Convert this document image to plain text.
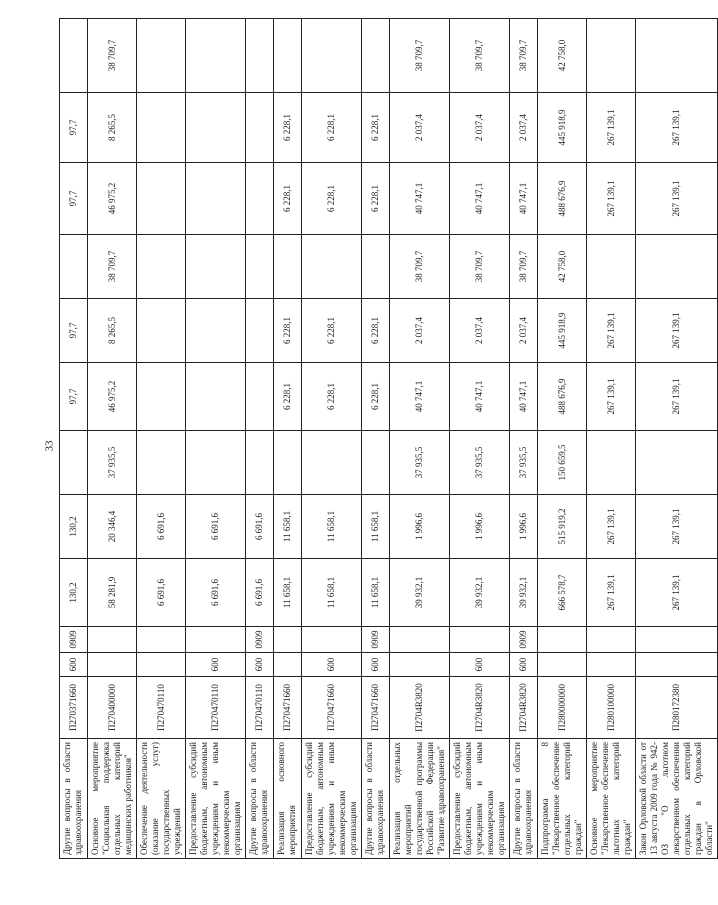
33
Другие вопросы в области здравоохранения	П270371660	600	0909	130,2	130,2		97,7	97,7		97,7	97,7	
Основное мероприятие "Социальная поддержка отдельных категорий медицинских работников"	П270400000			58 281,9	20 346,4	37 935,5	46 975,2	8 265,5	38 709,7	46 975,2	8 265,5	38 709,7
Обеспечение деятельности (оказание услуг) государственных учреждений	П270470110			6 691,6	6 691,6							
Предоставление субсидий бюджетным, автономным учреждениям и иным некоммерческим организациям	П270470110	600		6 691,6	6 691,6							
Другие вопросы в области здравоохранения	П270470110	600	0909	6 691,6	6 691,6							
Реализация основного мероприятия	П270471660			11 658,1	11 658,1		6 228,1	6 228,1		6 228,1	6 228,1	
Предоставление субсидий бюджетным, автономным учреждениям и иным некоммерческим организациям	П270471660	600		11 658,1	11 658,1		6 228,1	6 228,1		6 228,1	6 228,1	
Другие вопросы в области здравоохранения	П270471660	600	0909	11 658,1	11 658,1		6 228,1	6 228,1		6 228,1	6 228,1	
Реализация отдельных мероприятий государственной программы Российской Федерации "Развитие здравоохранения"	П2704R3820			39 932,1	1 996,6	37 935,5	40 747,1	2 037,4	38 709,7	40 747,1	2 037,4	38 709,7
Предоставление субсидий бюджетным, автономным учреждениям и иным некоммерческим организациям	П2704R3820	600		39 932,1	1 996,6	37 935,5	40 747,1	2 037,4	38 709,7	40 747,1	2 037,4	38 709,7
Другие вопросы в области здравоохранения	П2704R3820	600	0909	39 932,1	1 996,6	37 935,5	40 747,1	2 037,4	38 709,7	40 747,1	2 037,4	38 709,7
Подпрограмма 8 "Лекарственное обеспечение отдельных категорий граждан"	П280000000			666 578,7	515 919,2	150 659,5	488 676,9	445 918,9	42 758,0	488 676,9	445 918,9	42 758,0
Основное мероприятие "Лекарственное обеспечение льготных категорий граждан"	П280100000			267 139,1	267 139,1		267 139,1	267 139,1		267 139,1	267 139,1	
Закон Орловской области от 13 августа 2009 года № 942-ОЗ "О льготном лекарственном обеспечении отдельных категорий граждан в Орловской области"	П280172380			267 139,1	267 139,1		267 139,1	267 139,1		267 139,1	267 139,1	
